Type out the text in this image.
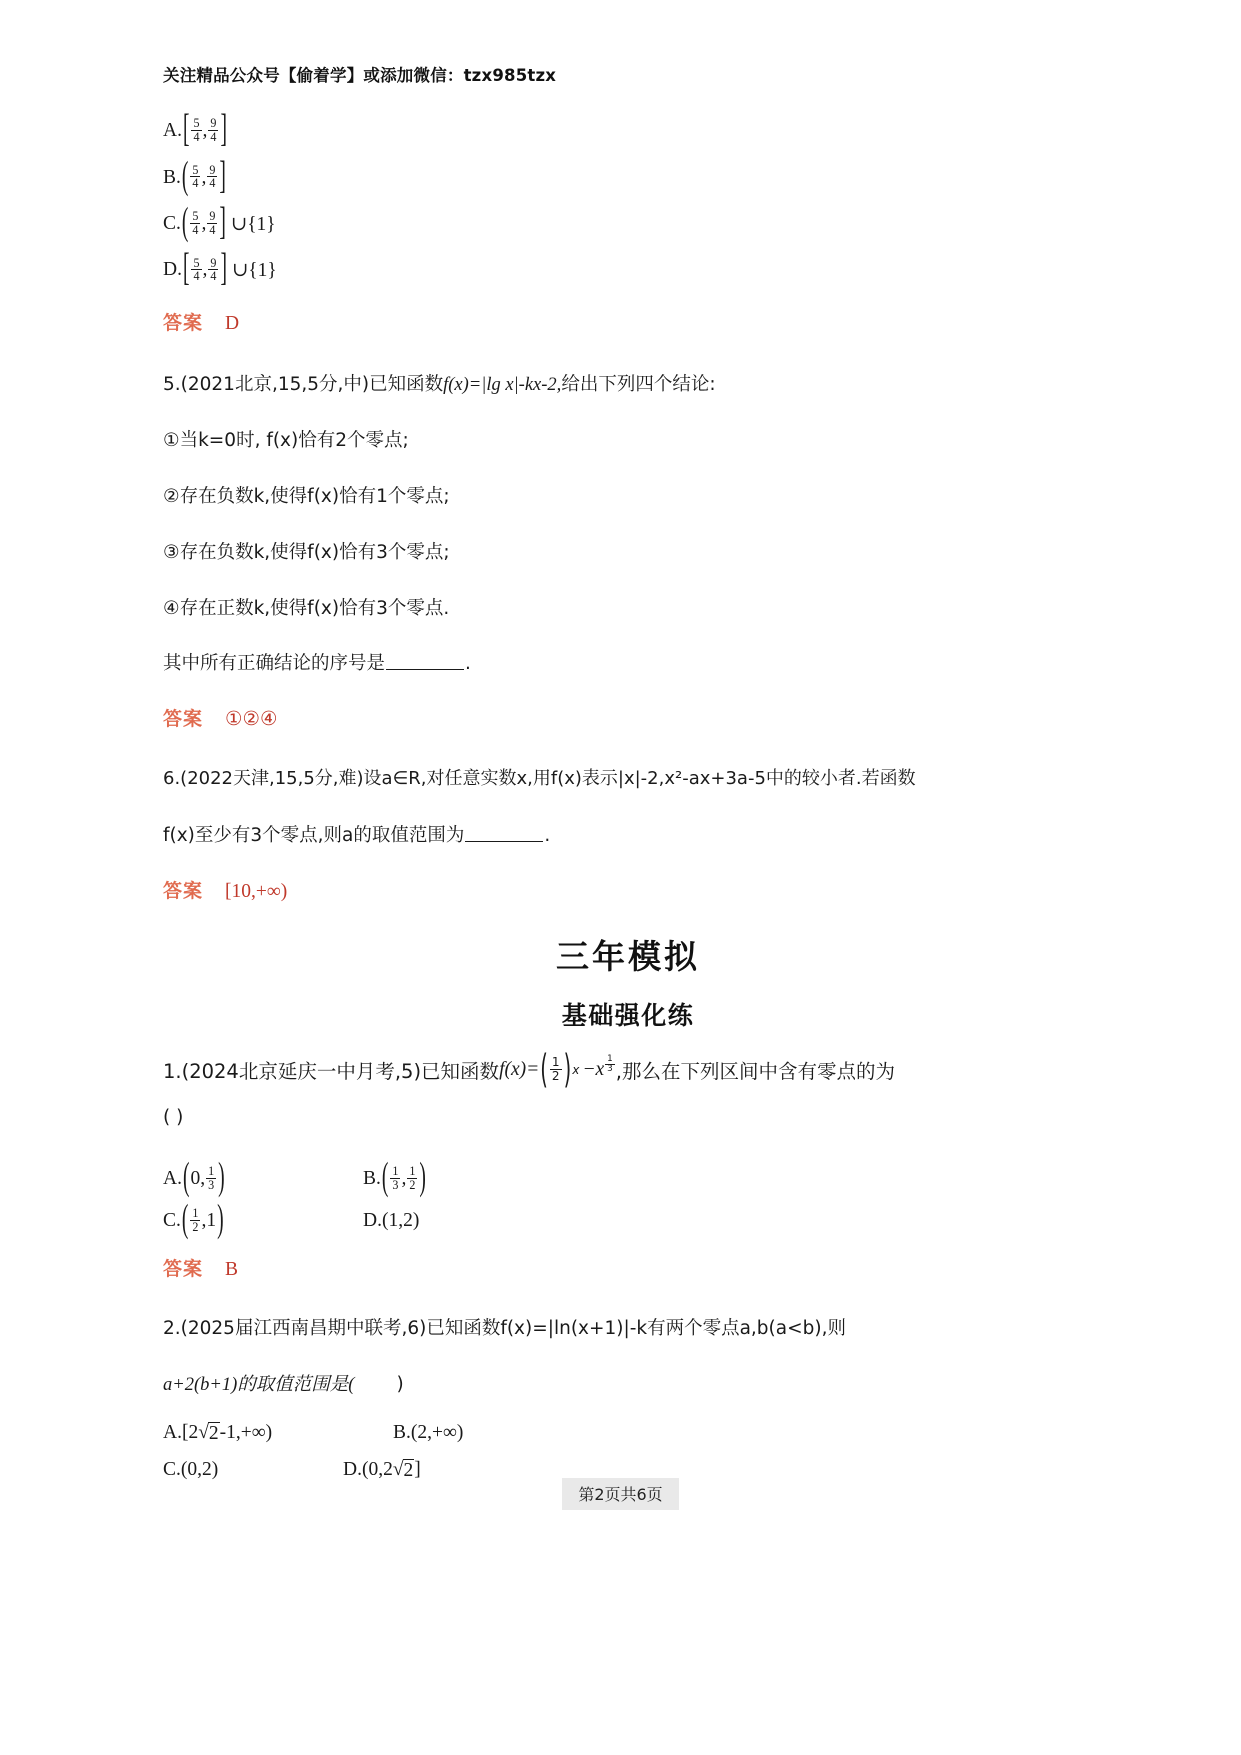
关注精品公众号【偷着学】或添加微信：tzx985tzx
A. [ $\frac{5}{4}$ , $\frac{9}{4}$ ]
B. ( $\frac{5}{4}$ , $\frac{9}{4}$ ]
C. ( $\frac{5}{4}$ , $\frac{9}{4}$ ] ∪{1}
D. [ $\frac{5}{4}$ , $\frac{9}{4}$ ] ∪{1}
答案 D
5.(2021北京,15,5分,中)已知函数f(x)=|lg x|-kx-2,给出下列四个结论:
①当k=0时, f(x)恰有2个零点;
②存在负数k,使得f(x)恰有1个零点;
③存在负数k,使得f(x)恰有3个零点;
④存在正数k,使得f(x)恰有3个零点.
其中所有正确结论的序号是	.
答案 ①②④
6.(2022天津,15,5分,难)设a∈R,对任意实数x,用f(x)表示|x|-2,x²-ax+3a-5中的较小者.若函数
f(x)至少有3个零点,则a的取值范围为	.
答案 [10,+∞)
三年模拟
基础强化练
1.(2024北京延庆一中月考,5)已知函数 f(x)= ( $\frac{1}{2}$ ) $x -x \frac{1}{3}$ ,那么在下列区间中含有零点的为
( )
A. ( 0, $\frac{1}{3}$ )	B. ( $\frac{1}{3}$ , $\frac{1}{2}$ )
C. ( $\frac{1}{2} ,1$ )	D. (1,2)
答案 B
2.(2025届江西南昌期中联考,6)已知函数f(x)=|ln(x+1)|-k有两个零点a,b(a<b),则
a+2(b+1)的取值范围是( )
A.[2 √ 2 -1,+∞)	B.(2,+∞)
C.(0,2)	D.(0,2 √ 2 ]
第2页共6页
